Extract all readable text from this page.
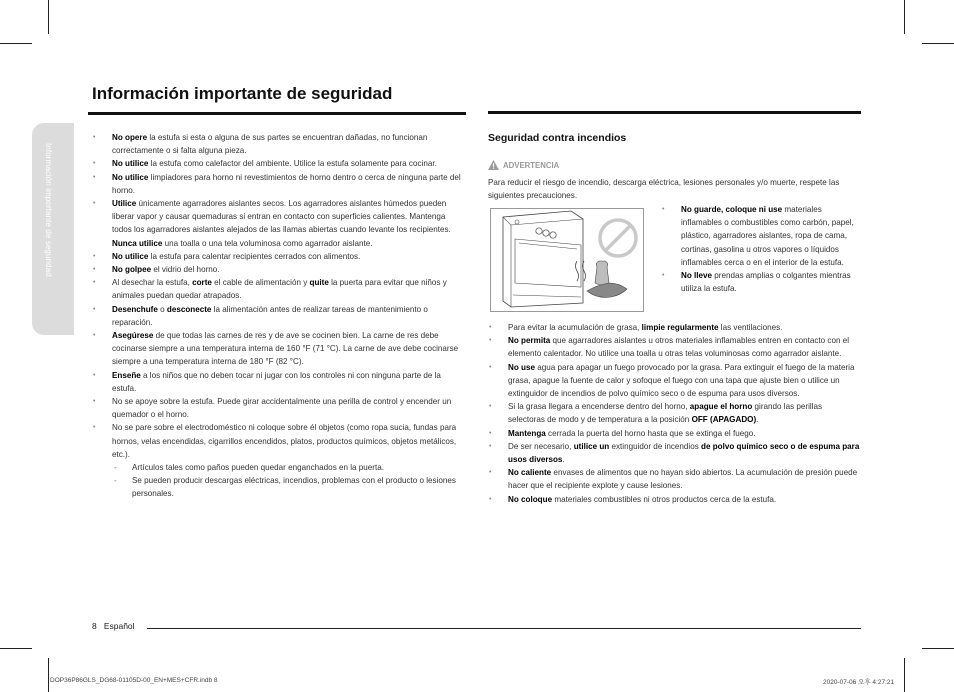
Información importante de seguridad
Información importante de seguridad
• No opere la estufa si esta o alguna de sus partes se encuentran dañadas, no funcionan correctamente o si falta alguna pieza.
• No utilice la estufa como calefactor del ambiente. Utilice la estufa solamente para cocinar.
• No utilice limpiadores para horno ni revestimientos de horno dentro o cerca de ninguna parte del horno.
• Utilice únicamente agarradores aislantes secos. Los agarradores aislantes húmedos pueden liberar vapor y causar quemaduras si entran en contacto con superficies calientes. Mantenga todos los agarradores aislantes alejados de las llamas abiertas cuando levante los recipientes. Nunca utilice una toalla o una tela voluminosa como agarrador aislante.
• No utilice la estufa para calentar recipientes cerrados con alimentos.
• No golpee el vidrio del horno.
• Al desechar la estufa, corte el cable de alimentación y quite la puerta para evitar que niños y animales puedan quedar atrapados.
• Desenchufe o desconecte la alimentación antes de realizar tareas de mantenimiento o reparación.
• Asegúrese de que todas las carnes de res y de ave se cocinen bien. La carne de res debe cocinarse siempre a una temperatura interna de 160 °F (71 °C). La carne de ave debe cocinarse siempre a una temperatura interna de 180 °F (82 °C).
• Enseñe a los niños que no deben tocar ni jugar con los controles ni con ninguna parte de la estufa.
• No se apoye sobre la estufa. Puede girar accidentalmente una perilla de control y encender un quemador o el horno.
• No se pare sobre el electrodoméstico ni coloque sobre él objetos (como ropa sucia, fundas para hornos, velas encendidas, cigarrillos encendidos, platos, productos químicos, objetos metálicos, etc.).
- Artículos tales como paños pueden quedar enganchados en la puerta.
- Se pueden producir descargas eléctricas, incendios, problemas con el producto o lesiones personales.
Seguridad contra incendios
ADVERTENCIA
Para reducir el riesgo de incendio, descarga eléctrica, lesiones personales y/o muerte, respete las siguientes precauciones.
• No guarde, coloque ni use materiales inflamables o combustibles como carbón, papel, plástico, agarradores aislantes, ropa de cama, cortinas, gasolina u otros vapores o líquidos inflamables cerca o en el interior de la estufa.
• No lleve prendas amplias o colgantes mientras utiliza la estufa.
• Para evitar la acumulación de grasa, limpie regularmente las ventilaciones.
• No permita que agarradores aislantes u otros materiales inflamables entren en contacto con el elemento calentador. No utilice una toalla u otras telas voluminosas como agarrador aislante.
• No use agua para apagar un fuego provocado por la grasa. Para extinguir el fuego de la materia grasa, apague la fuente de calor y sofoque el fuego con una tapa que ajuste bien o utilice un extinguidor de incendios de polvo químico seco o de espuma para usos diversos.
• Si la grasa llegara a encenderse dentro del horno, apague el horno girando las perillas selectoras de modo y de temperatura a la posición OFF (APAGADO).
• Mantenga cerrada la puerta del horno hasta que se extinga el fuego.
• De ser necesario, utilice un extinguidor de incendios de polvo químico seco o de espuma para usos diversos.
• No caliente envases de alimentos que no hayan sido abiertos. La acumulación de presión puede hacer que el recipiente explote y cause lesiones.
• No coloque materiales combustibles ni otros productos cerca de la estufa.
8 Español
DOP36P86GLS_DG68-01105D-00_EN+MES+CFR.indb 8	2020-07-06 오후 4:27:21
